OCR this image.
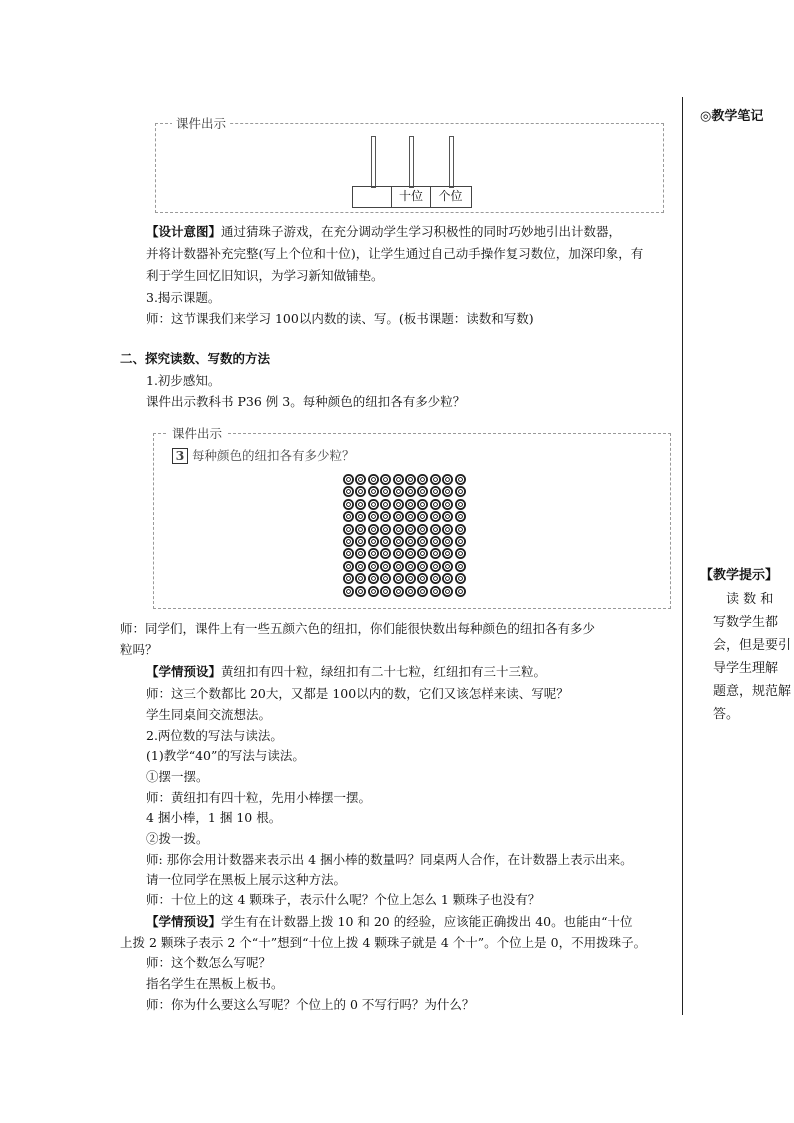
课件出示
十位	个位
【设计意图】通过猜珠子游戏，在充分调动学生学习积极性的同时巧妙地引出计数器，
并将计数器补充完整(写上个位和十位)，让学生通过自己动手操作复习数位，加深印象，有
利于学生回忆旧知识，为学习新知做铺垫。
3.揭示课题。
师：这节课我们来学习 100以内数的读、写。(板书课题：读数和写数)
二、探究读数、写数的方法
1.初步感知。
课件出示教科书 P36 例 3。每种颜色的纽扣各有多少粒？
课件出示
3 每种颜色的纽扣各有多少粒？
师：同学们，课件上有一些五颜六色的纽扣，你们能很快数出每种颜色的纽扣各有多少
粒吗？
【学情预设】黄纽扣有四十粒，绿纽扣有二十七粒，红纽扣有三十三粒。
师：这三个数都比 20大，又都是 100以内的数，它们又该怎样来读、写呢？
学生同桌间交流想法。
2.两位数的写法与读法。
(1)教学“40”的写法与读法。
①摆一摆。
师：黄纽扣有四十粒，先用小棒摆一摆。
4 捆小棒，1 捆 10 根。
②拨一拨。
师: 那你会用计数器来表示出 4 捆小棒的数量吗？同桌两人合作，在计数器上表示出来。
请一位同学在黑板上展示这种方法。
师：十位上的这 4 颗珠子，表示什么呢？个位上怎么 1 颗珠子也没有？
【学情预设】学生有在计数器上拨 10 和 20 的经验，应该能正确拨出 40。也能由“十位
上拨 2 颗珠子表示 2 个“十”想到“十位上拨 4 颗珠子就是 4 个十”。个位上是 0，不用拨珠子。
师：这个数怎么写呢？
指名学生在黑板上板书。
师：你为什么要这么写呢？个位上的 0 不写行吗？为什么？
◎教学笔记
【教学提示】
读 数 和
写数学生都
会，但是要引
导学生理解
题意，规范解
答。
